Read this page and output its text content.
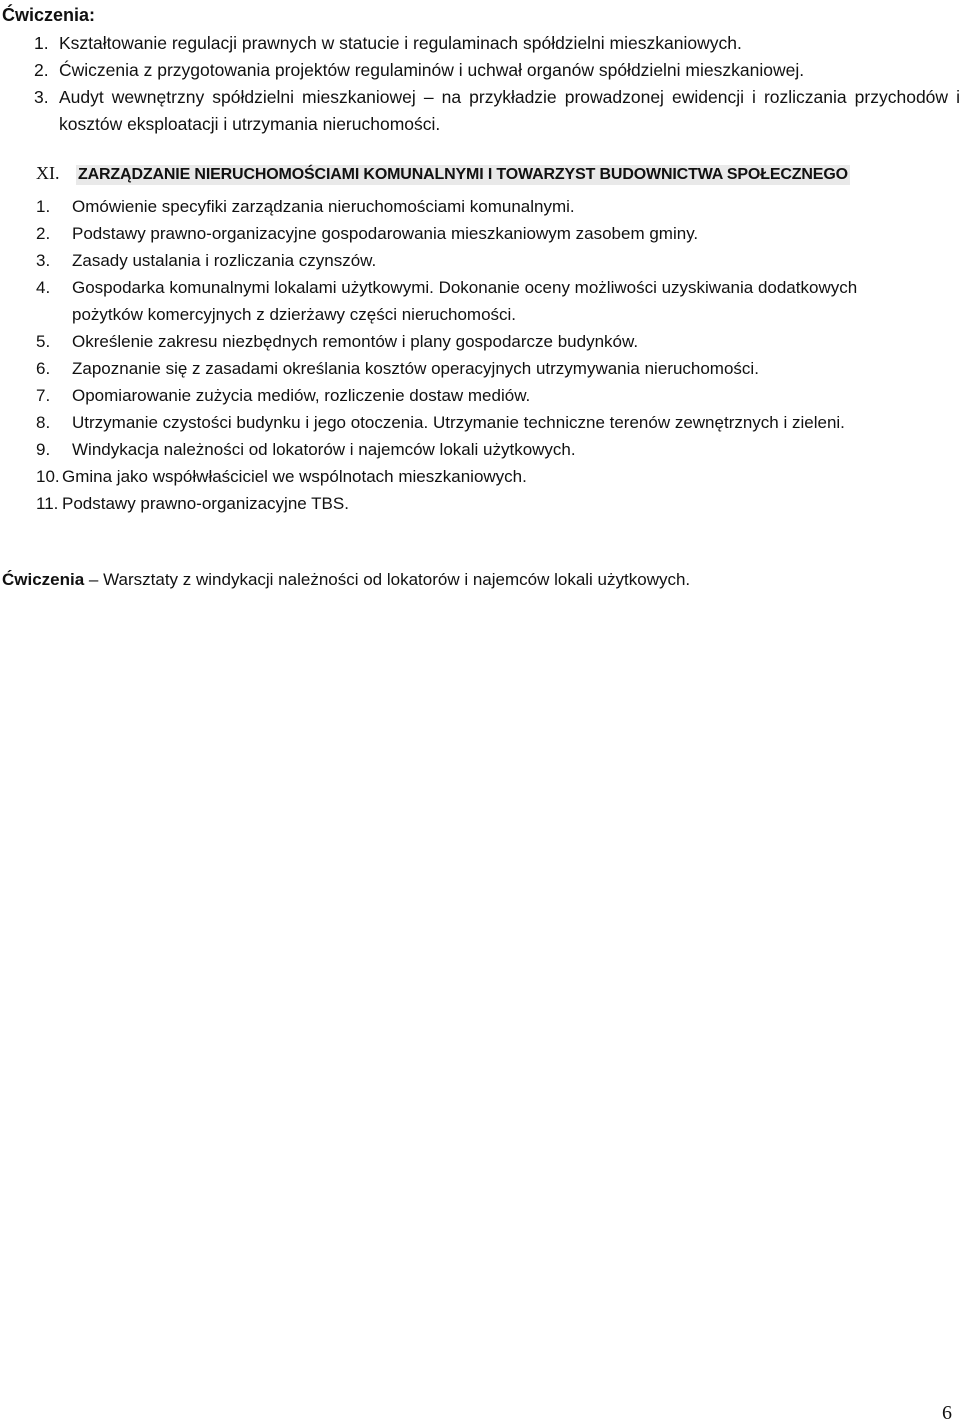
Ćwiczenia:
1. Kształtowanie regulacji prawnych w statucie i regulaminach spółdzielni mieszkaniowych.
2. Ćwiczenia z przygotowania projektów regulaminów i uchwał organów spółdzielni mieszkaniowej.
3. Audyt wewnętrzny spółdzielni mieszkaniowej – na przykładzie prowadzonej ewidencji i rozliczania przychodów i kosztów eksploatacji i utrzymania nieruchomości.
XI.	ZARZĄDZANIE NIERUCHOMOŚCIAMI KOMUNALNYMI I TOWARZYST BUDOWNICTWA SPOŁECZNEGO
1.	Omówienie specyfiki zarządzania nieruchomościami komunalnymi.
2.	Podstawy prawno-organizacyjne gospodarowania mieszkaniowym zasobem gminy.
3.	Zasady ustalania i rozliczania czynszów.
4.	Gospodarka komunalnymi lokalami użytkowymi. Dokonanie oceny możliwości uzyskiwania dodatkowych pożytków komercyjnych z dzierżawy części nieruchomości.
5.	Określenie zakresu niezbędnych remontów i plany gospodarcze budynków.
6.	Zapoznanie się z zasadami określania kosztów operacyjnych utrzymywania nieruchomości.
7.	Opomiarowanie zużycia mediów, rozliczenie dostaw mediów.
8.	Utrzymanie czystości budynku i jego otoczenia. Utrzymanie techniczne terenów zewnętrznych i zieleni.
9.	Windykacja należności od lokatorów i najemców lokali użytkowych.
10. Gmina jako współwłaściciel we wspólnotach mieszkaniowych.
11. Podstawy prawno-organizacyjne TBS.
Ćwiczenia – Warsztaty z windykacji należności od lokatorów i najemców lokali użytkowych.
6
